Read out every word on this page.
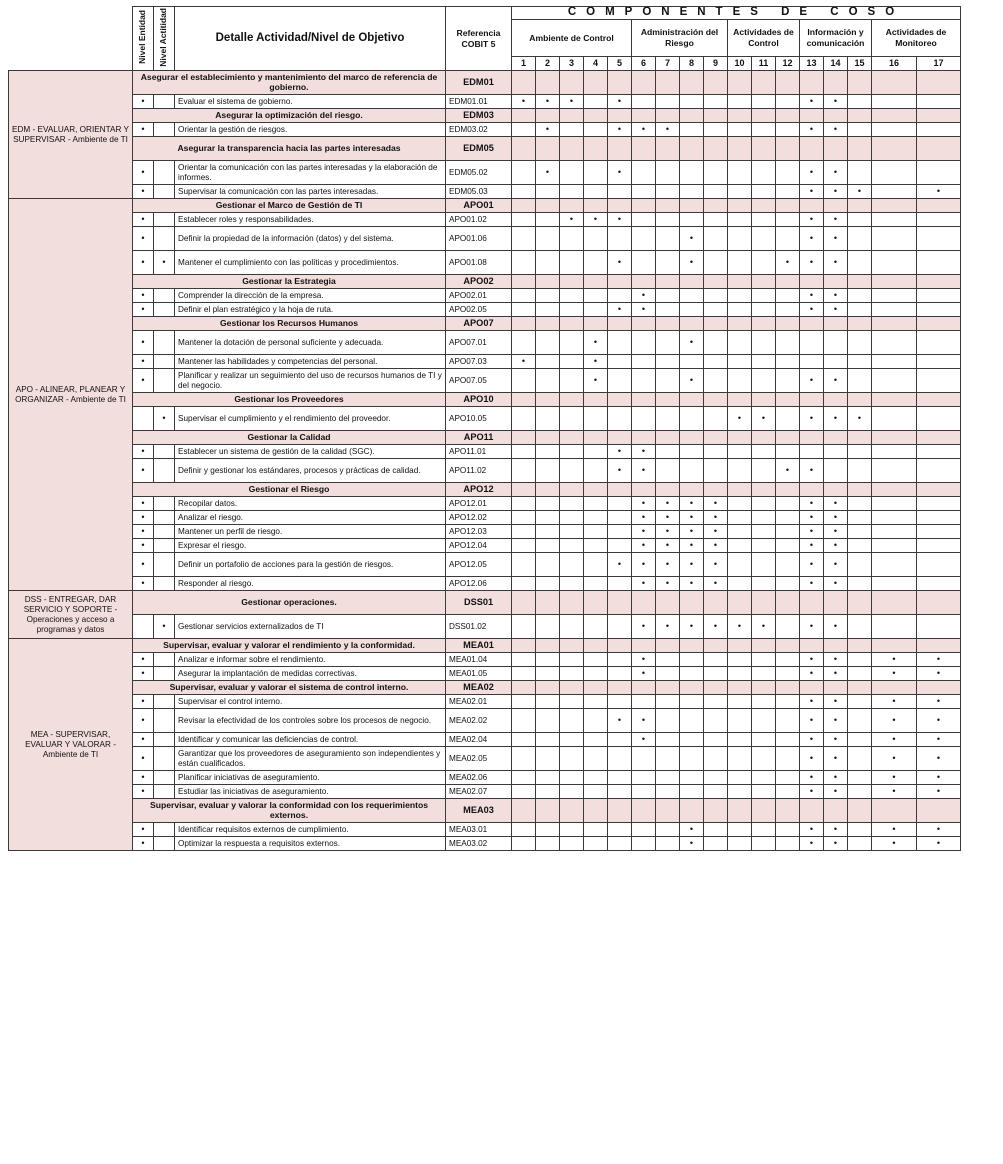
	Nivel Entidad	Nivel Actitidad	Detalle Actividad/Nivel de Objetivo	Referencia COBIT 5	COMPONENTES DE COSO																
					Ambiente de Control					Administración del Riesgo				Actividades de Control			Información y comunicación			Actividades de Monitoreo	
					1	2	3	4	5	6	7	8	9	10	11	12	13	14	15	16	17
EDM - EVALUAR, ORIENTAR Y SUPERVISAR - Ambiente de TI	Asegurar el establecimiento y mantenimiento del marco de referencia de gobierno.			EDM01																	
	•		Evaluar el sistema de gobierno.	EDM01.01	•	•	•		•								•	•			
	Asegurar la optimización del riesgo.			EDM03																	
	•		Orientar la gestión de riesgos.	EDM03.02		•			•	•	•						•	•			
	Asegurar la transparencia hacia las partes interesadas			EDM05																	
	•		Orientar la comunicación con las partes interesadas y la elaboración de informes.	EDM05.02		•			•								•	•			
	•		Supervisar la comunicación con las partes interesadas.	EDM05.03													•	•	•		•
APO - ALINEAR, PLANEAR Y ORGANIZAR - Ambiente de TI	Gestionar el Marco de Gestión de TI			APO01																	
	•		Establecer roles y responsabilidades.	APO01.02			•	•	•								•	•			
	•		Definir la propiedad de la información (datos) y del sistema.	APO01.06								•					•	•			
	•	•	Mantener el cumplimiento con las políticas y procedimientos.	APO01.08					•			•				•	•	•			
	Gestionar la Estrategia			APO02																	
	•		Comprender la dirección de la empresa.	APO02.01						•							•	•			
	•		Definir el plan estratégico y la hoja de ruta.	APO02.05					•	•							•	•			
	Gestionar los Recursos Humanos			APO07																	
	•		Mantener la dotación de personal suficiente y adecuada.	APO07.01				•				•									
	•		Mantener las habilidades y competencias del personal.	APO07.03	•			•													
	•		Planificar y realizar un seguimiento del uso de recursos humanos de TI y del negocio.	APO07.05				•				•					•	•			
	Gestionar los Proveedores			APO10																	
		•	Supervisar el cumplimiento y el rendimiento del proveedor.	APO10.05										•	•		•	•	•		
	Gestionar la Calidad			APO11																	
	•		Establecer un sistema de gestión de la calidad (SGC).	APO11.01					•	•											
	•		Definir y gestionar los estándares, procesos y prácticas de calidad.	APO11.02					•	•						•	•				
	Gestionar el Riesgo			APO12																	
	•		Recopilar datos.	APO12.01						•	•	•	•				•	•			
	•		Analizar el riesgo.	APO12.02						•	•	•	•				•	•			
	•		Mantener un perfil de riesgo.	APO12.03						•	•	•	•				•	•			
	•		Expresar el riesgo.	APO12.04						•	•	•	•				•	•			
	•		Definir un portafolio de acciones para la gestión de riesgos.	APO12.05					•	•	•	•	•				•	•			
	•		Responder al riesgo.	APO12.06						•	•	•	•				•	•			
DSS - ENTREGAR, DAR SERVICIO Y SOPORTE - Operaciones y acceso a programas y datos	Gestionar operaciones.			DSS01																	
		•	Gestionar servicios externalizados de TI	DSS01.02						•	•	•	•	•	•		•	•			
MEA - SUPERVISAR, EVALUAR Y VALORAR - Ambiente de TI	Supervisar, evaluar y valorar el rendimiento y la conformidad.			MEA01																	
	•		Analizar e informar sobre el rendimiento.	MEA01.04						•							•	•		•	•
	•		Asegurar la implantación de medidas correctivas.	MEA01.05						•							•	•		•	•
	Supervisar, evaluar y valorar el sistema de control interno.			MEA02																	
	•		Supervisar el control interno.	MEA02.01													•	•		•	•
	•		Revisar la efectividad de los controles sobre los procesos de negocio.	MEA02.02					•	•							•	•		•	•
	•		Identificar y comunicar las deficiencias de control.	MEA02.04						•							•	•		•	•
	•		Garantizar que los proveedores de aseguramiento son independientes y están cualificados.	MEA02.05													•	•		•	•
	•		Planificar iniciativas de aseguramiento.	MEA02.06													•	•		•	•
	•		Estudiar las iniciativas de aseguramiento.	MEA02.07													•	•		•	•
	Supervisar, evaluar y valorar la conformidad con los requerimientos externos.			MEA03																	
	•		Identificar requisitos externos de cumplimiento.	MEA03.01								•					•	•		•	•
	•		Optimizar la respuesta a requisitos externos.	MEA03.02								•					•	•		•	•
